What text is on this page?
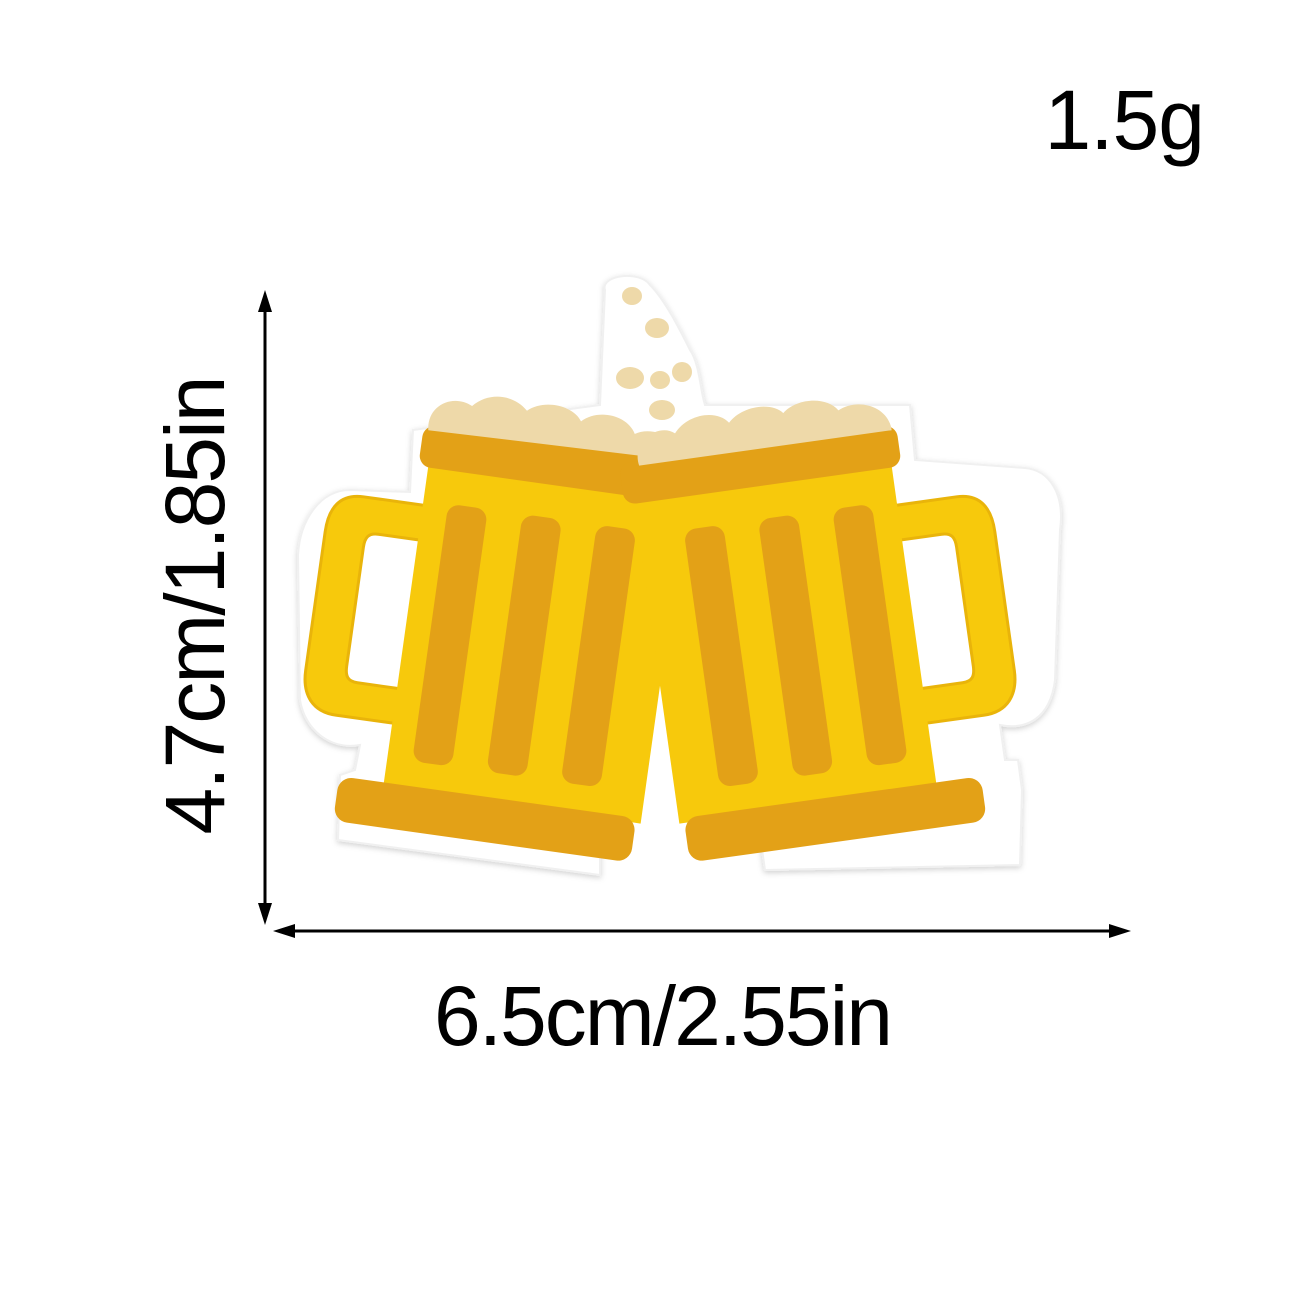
1.5g
6.5cm/2.55in
4.7cm/1.85in
